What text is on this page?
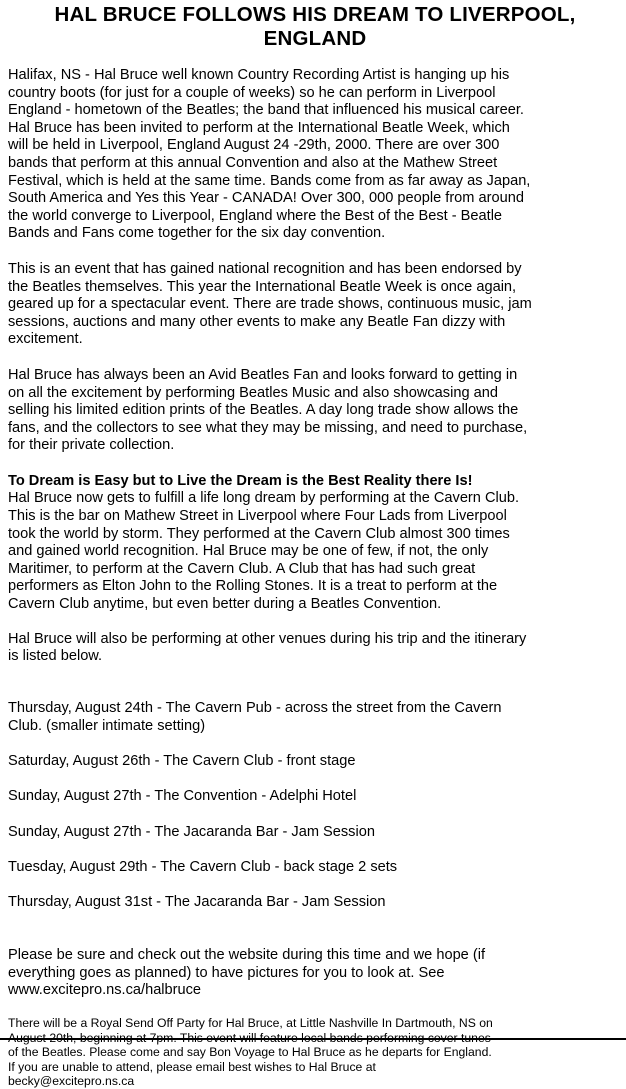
HAL BRUCE FOLLOWS HIS DREAM TO LIVERPOOL,
ENGLAND

Halifax, NS - Hal Bruce well known Country Recording Artist is hanging up his
country boots (for just for a couple of weeks) so he can perform in Liverpool
England - hometown of the Beatles; the band that influenced his musical career.
Hal Bruce has been invited to perform at the International Beatle Week, which
will be held in Liverpool, England August 24 -29th, 2000. There are over 300
bands that perform at this annual Convention and also at the Mathew Street
Festival, which is held at the same time. Bands come from as far away as Japan,
South America and Yes this Year - CANADA! Over 300, 000 people from around
the world converge to Liverpool, England where the Best of the Best - Beatle
Bands and Fans come together for the six day convention.

This is an event that has gained national recognition and has been endorsed by
the Beatles themselves. This year the International Beatle Week is once again,
geared up for a spectacular event. There are trade shows, continuous music, jam
sessions, auctions and many other events to make any Beatle Fan dizzy with
excitement.

Hal Bruce has always been an Avid Beatles Fan and looks forward to getting in
on all the excitement by performing Beatles Music and also showcasing and
selling his limited edition prints of the Beatles. A day long trade show allows the
fans, and the collectors to see what they may be missing, and need to purchase,
for their private collection.

To Dream is Easy but to Live the Dream is the Best Reality there Is!

Hal Bruce now gets to fulfill a life long dream by performing at the Cavern Club.
This is the bar on Mathew Street in Liverpool where Four Lads from Liverpool
took the world by storm. They performed at the Cavern Club almost 300 times
and gained world recognition. Hal Bruce may be one of few, if not, the only
Maritimer, to perform at the Cavern Club. A Club that has had such great
performers as Elton John to the Rolling Stones. It is a treat to perform at the
Cavern Club anytime, but even better during a Beatles Convention.

Hal Bruce will also be performing at other venues during his trip and the itinerary
is listed below.

Thursday, August 24th - The Cavern Pub - across the street from the Cavern
Club. (smaller intimate setting)

Saturday, August 26th - The Cavern Club - front stage

Sunday, August 27th - The Convention - Adelphi Hotel

Sunday, August 27th - The Jacaranda Bar - Jam Session

Tuesday, August 29th - The Cavern Club - back stage 2 sets

Thursday, August 31st - The Jacaranda Bar - Jam Session

Please be sure and check out the website during this time and we hope (if
everything goes as planned) to have pictures for you to look at. See
www.excitepro.ns.ca/halbruce

There will be a Royal Send Off Party for Hal Bruce, at Little Nashville In Dartmouth, NS on

of the Beatles. Please come and say Bon Voyage to Hal Bruce as he departs for England.
If you are unable to attend, please email best wishes to Hal Bruce at
becky@excitepro.ns.ca
